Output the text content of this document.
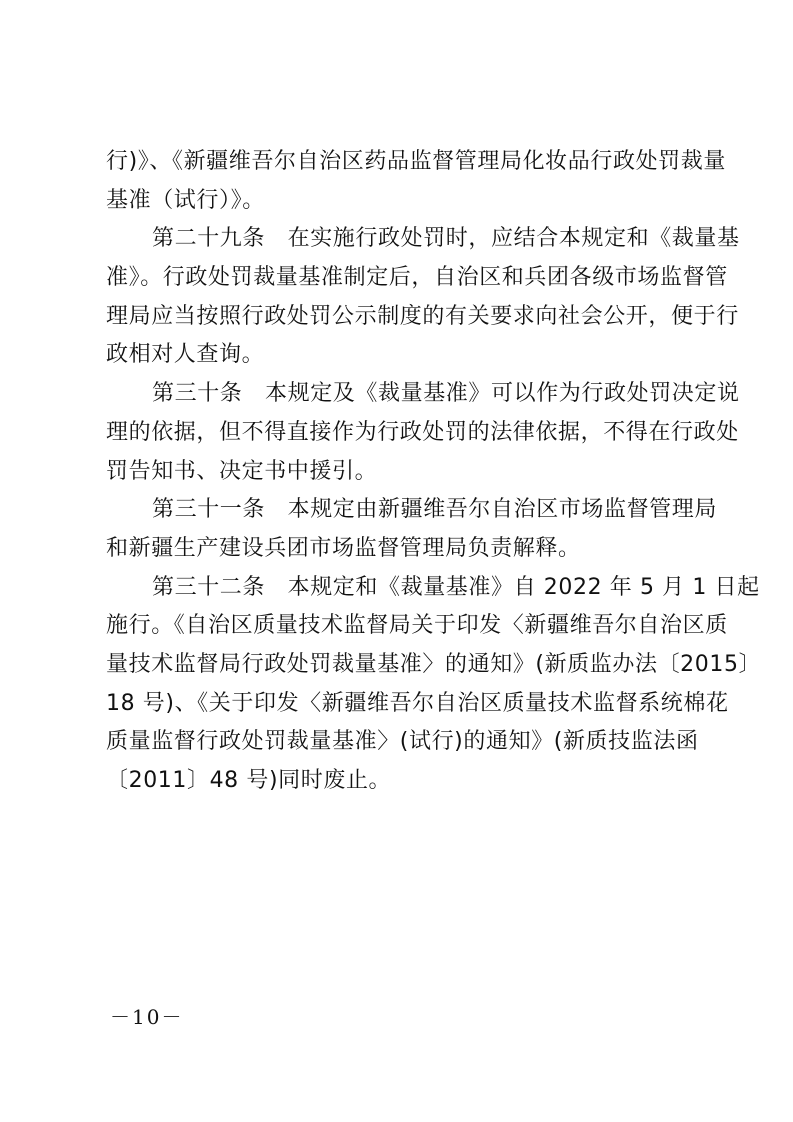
行)》、《新疆维吾尔自治区药品监督管理局化妆品行政处罚裁量
基准（试行）》。
第二十九条　在实施行政处罚时，应结合本规定和《裁量基
准》。行政处罚裁量基准制定后，自治区和兵团各级市场监督管
理局应当按照行政处罚公示制度的有关要求向社会公开，便于行
政相对人查询。
第三十条　本规定及《裁量基准》可以作为行政处罚决定说
理的依据，但不得直接作为行政处罚的法律依据，不得在行政处
罚告知书、决定书中援引。
第三十一条　本规定由新疆维吾尔自治区市场监督管理局
和新疆生产建设兵团市场监督管理局负责解释。
第三十二条　本规定和《裁量基准》自 2022 年 5 月 1 日起
施行。《自治区质量技术监督局关于印发〈新疆维吾尔自治区质
量技术监督局行政处罚裁量基准〉的通知》(新质监办法〔2015〕
18 号)、《关于印发〈新疆维吾尔自治区质量技术监督系统棉花
质量监督行政处罚裁量基准〉(试行)的通知》(新质技监法函
〔2011〕48 号)同时废止。
－10－
